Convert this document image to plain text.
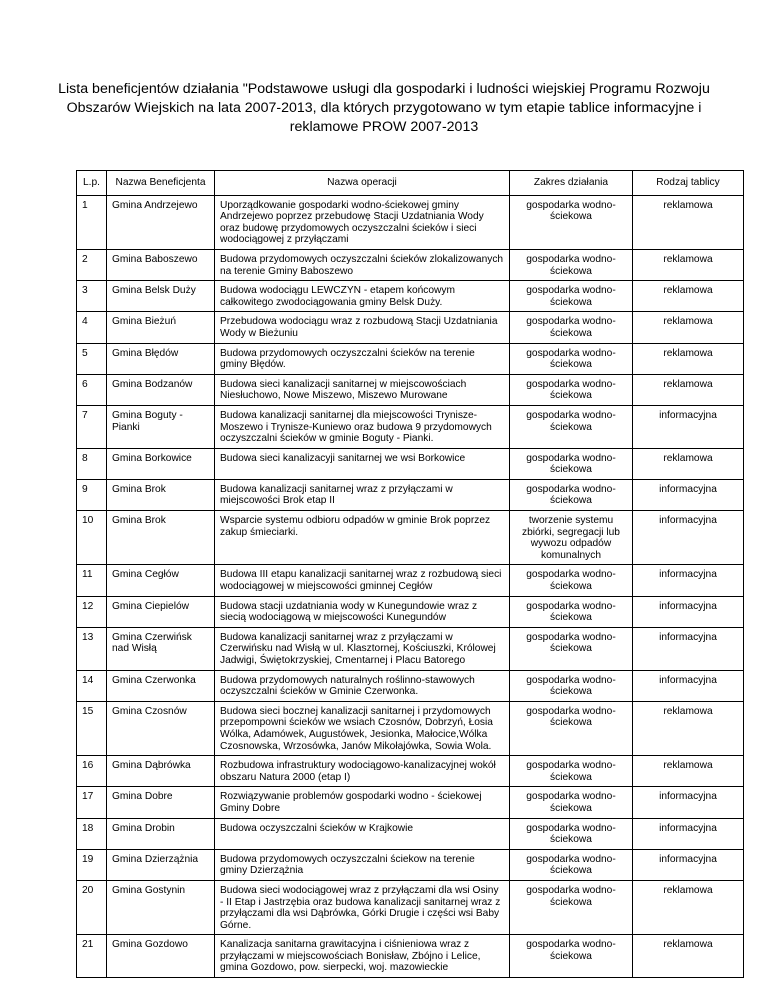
Lista beneficjentów działania "Podstawowe usługi dla gospodarki i ludności wiejskiej Programu Rozwoju Obszarów Wiejskich na lata 2007-2013, dla których przygotowano w tym etapie tablice informacyjne i reklamowe PROW 2007-2013
L.p.	Nazwa Beneficjenta	Nazwa operacji	Zakres działania	Rodzaj tablicy
1	Gmina Andrzejewo	Uporządkowanie gospodarki wodno-ściekowej gminy Andrzejewo poprzez przebudowę Stacji Uzdatniania Wody oraz budowę przydomowych oczyszczalni ścieków i sieci wodociągowej z przyłączami	gospodarka wodno-ściekowa	reklamowa
2	Gmina Baboszewo	Budowa przydomowych oczyszczalni ścieków zlokalizowanych na terenie Gminy Baboszewo	gospodarka wodno-ściekowa	reklamowa
3	Gmina Belsk Duży	Budowa wodociągu LEWCZYN - etapem końcowym całkowitego zwodociągowania gminy Belsk Duży.	gospodarka wodno-ściekowa	reklamowa
4	Gmina Bieżuń	Przebudowa wodociągu wraz z rozbudową Stacji Uzdatniania Wody w Bieżuniu	gospodarka wodno-ściekowa	reklamowa
5	Gmina Błędów	Budowa przydomowych oczyszczalni ścieków na terenie gminy Błędów.	gospodarka wodno-ściekowa	reklamowa
6	Gmina Bodzanów	Budowa sieci kanalizacji sanitarnej w miejscowościach Niesłuchowo, Nowe Miszewo, Miszewo Murowane	gospodarka wodno-ściekowa	reklamowa
7	Gmina Boguty - Pianki	Budowa kanalizacji sanitarnej dla miejscowości Trynisze-Moszewo i Trynisze-Kuniewo oraz budowa 9 przydomowych oczyszczalni ścieków w gminie Boguty - Pianki.	gospodarka wodno-ściekowa	informacyjna
8	Gmina Borkowice	Budowa sieci kanalizacyji sanitarnej we wsi Borkowice	gospodarka wodno-ściekowa	reklamowa
9	Gmina Brok	Budowa kanalizacji sanitarnej wraz z przyłączami w miejscowości Brok etap II	gospodarka wodno-ściekowa	informacyjna
10	Gmina Brok	Wsparcie systemu odbioru odpadów w gminie Brok poprzez zakup śmieciarki.	tworzenie systemu zbiórki, segregacji lub wywozu odpadów komunalnych	informacyjna
11	Gmina Cegłów	Budowa III etapu kanalizacji sanitarnej wraz z rozbudową sieci wodociągowej w miejscowości gminnej Cegłów	gospodarka wodno-ściekowa	informacyjna
12	Gmina Ciepielów	Budowa stacji uzdatniania wody w Kunegundowie wraz z siecią wodociągową w miejscowości Kunegundów	gospodarka wodno-ściekowa	informacyjna
13	Gmina Czerwińsk nad Wisłą	Budowa kanalizacji sanitarnej wraz z przyłączami w Czerwińsku nad Wisłą w ul. Klasztornej, Kościuszki, Królowej Jadwigi, Świętokrzyskiej, Cmentarnej i Placu Batorego	gospodarka wodno-ściekowa	informacyjna
14	Gmina Czerwonka	Budowa przydomowych naturalnych roślinno-stawowych oczyszczalni ścieków w Gminie Czerwonka.	gospodarka wodno-ściekowa	informacyjna
15	Gmina Czosnów	Budowa sieci bocznej kanalizacji sanitarnej i przydomowych przepompowni ścieków we wsiach Czosnów, Dobrzyń, Łosia Wólka, Adamówek, Augustówek, Jesionka, Małocice,Wólka Czosnowska, Wrzosówka, Janów Mikołajówka, Sowia Wola.	gospodarka wodno-ściekowa	reklamowa
16	Gmina Dąbrówka	Rozbudowa infrastruktury wodociągowo-kanalizacyjnej wokół obszaru Natura 2000 (etap I)	gospodarka wodno-ściekowa	reklamowa
17	Gmina Dobre	Rozwiązywanie problemów gospodarki wodno - ściekowej Gminy Dobre	gospodarka wodno-ściekowa	informacyjna
18	Gmina Drobin	Budowa oczyszczalni ścieków w Krajkowie	gospodarka wodno-ściekowa	informacyjna
19	Gmina Dzierzążnia	Budowa przydomowych oczyszczalni ściekow na terenie gminy Dzierzążnia	gospodarka wodno-ściekowa	informacyjna
20	Gmina Gostynin	Budowa sieci wodociągowej wraz z przyłączami dla wsi Osiny - II Etap i Jastrzębia oraz budowa kanalizacji sanitarnej wraz z przyłączami dla wsi Dąbrówka, Górki Drugie i części wsi Baby Górne.	gospodarka wodno-ściekowa	reklamowa
21	Gmina Gozdowo	Kanalizacja sanitarna grawitacyjna i ciśnieniowa wraz z przyłączami w miejscowościach Bonisław, Zbójno i Lelice, gmina Gozdowo, pow. sierpecki, woj. mazowieckie	gospodarka wodno-ściekowa	reklamowa
